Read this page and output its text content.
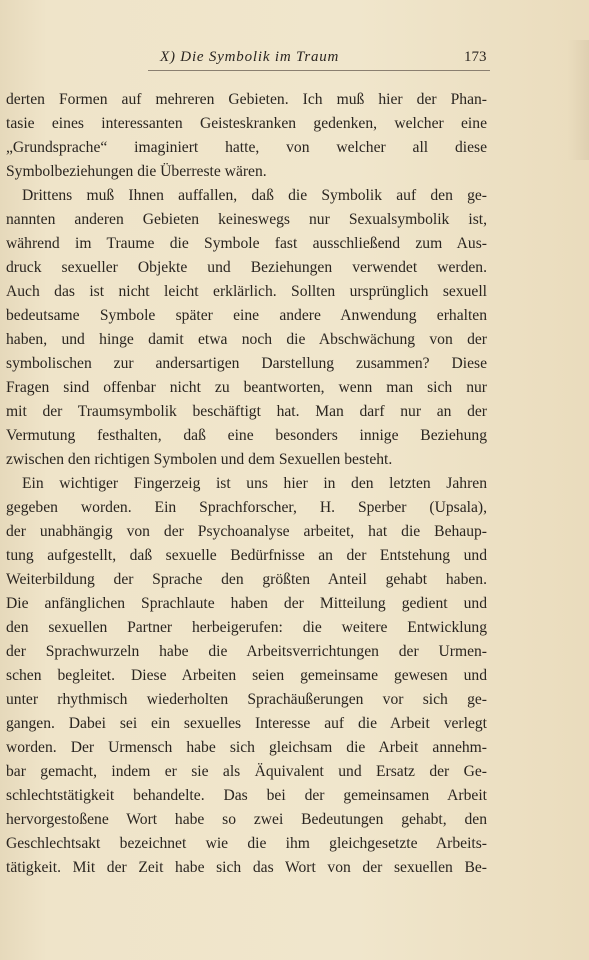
X) Die Symbolik im Traum	173
derten Formen auf mehreren Gebieten. Ich muß hier der Phan-
tasie eines interessanten Geisteskranken gedenken, welcher eine
„Grundsprache“ imaginiert hatte, von welcher all diese
Symbolbeziehungen die Überreste wären.
Drittens muß Ihnen auffallen, daß die Symbolik auf den ge-
nannten anderen Gebieten keineswegs nur Sexualsymbolik ist,
während im Traume die Symbole fast ausschließend zum Aus-
druck sexueller Objekte und Beziehungen verwendet werden.
Auch das ist nicht leicht erklärlich. Sollten ursprünglich sexuell
bedeutsame Symbole später eine andere Anwendung erhalten
haben, und hinge damit etwa noch die Abschwächung von der
symbolischen zur andersartigen Darstellung zusammen? Diese
Fragen sind offenbar nicht zu beantworten, wenn man sich nur
mit der Traumsymbolik beschäftigt hat. Man darf nur an der
Vermutung festhalten, daß eine besonders innige Beziehung
zwischen den richtigen Symbolen und dem Sexuellen besteht.
Ein wichtiger Fingerzeig ist uns hier in den letzten Jahren
gegeben worden. Ein Sprachforscher, H. Sperber (Upsala),
der unabhängig von der Psychoanalyse arbeitet, hat die Behaup-
tung aufgestellt, daß sexuelle Bedürfnisse an der Entstehung und
Weiterbildung der Sprache den größten Anteil gehabt haben.
Die anfänglichen Sprachlaute haben der Mitteilung gedient und
den sexuellen Partner herbeigerufen: die weitere Entwicklung
der Sprachwurzeln habe die Arbeitsverrichtungen der Urmen-
schen begleitet. Diese Arbeiten seien gemeinsame gewesen und
unter rhythmisch wiederholten Sprachäußerungen vor sich ge-
gangen. Dabei sei ein sexuelles Interesse auf die Arbeit verlegt
worden. Der Urmensch habe sich gleichsam die Arbeit annehm-
bar gemacht, indem er sie als Äquivalent und Ersatz der Ge-
schlechtstätigkeit behandelte. Das bei der gemeinsamen Arbeit
hervorgestoßene Wort habe so zwei Bedeutungen gehabt, den
Geschlechtsakt bezeichnet wie die ihm gleichgesetzte Arbeits-
tätigkeit. Mit der Zeit habe sich das Wort von der sexuellen Be-
